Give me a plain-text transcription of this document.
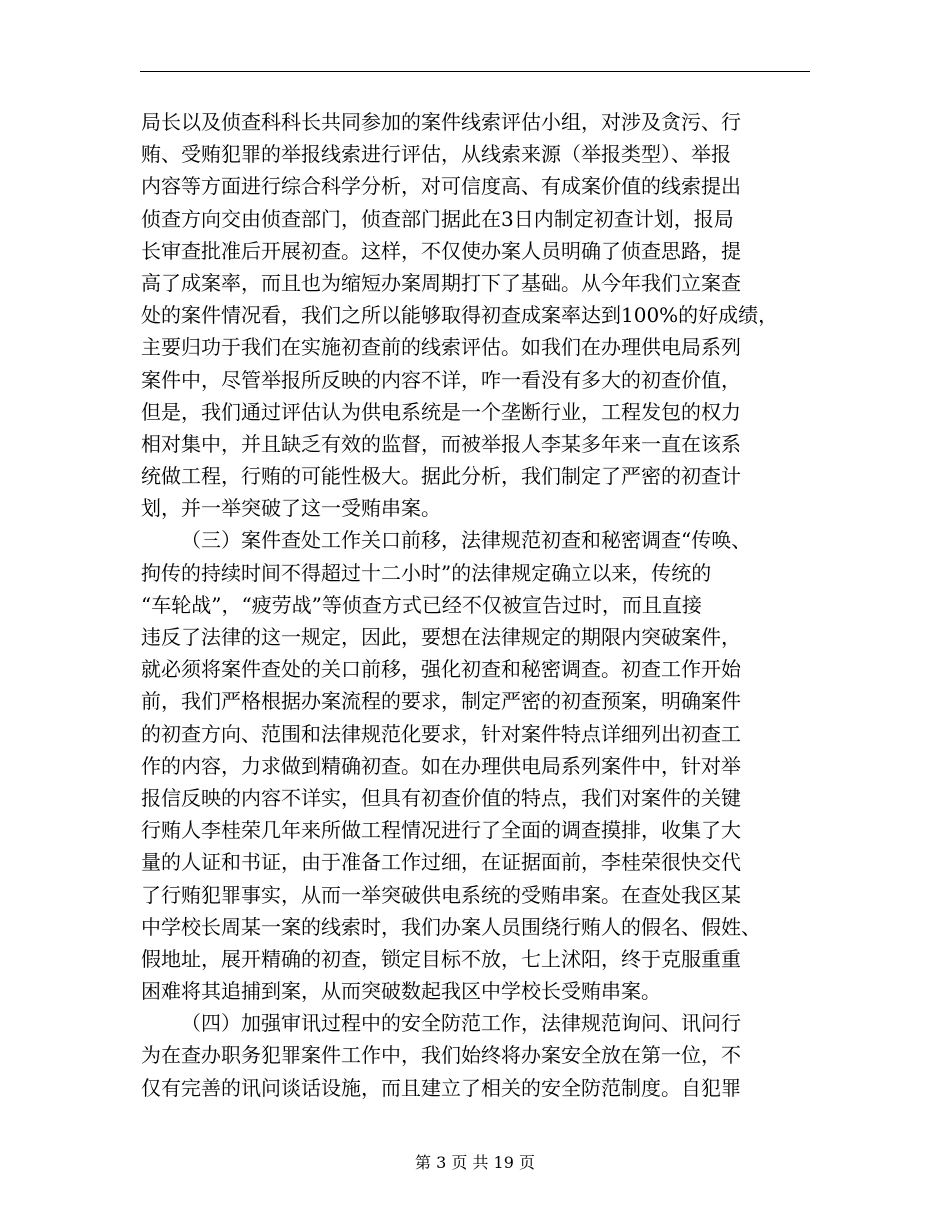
局长以及侦查科科长共同参加的案件线索评估小组，对涉及贪污、行
贿、受贿犯罪的举报线索进行评估，从线索来源（举报类型）、举报
内容等方面进行综合科学分析，对可信度高、有成案价值的线索提出
侦查方向交由侦查部门，侦查部门据此在3日内制定初查计划，报局
长审查批准后开展初查。这样，不仅使办案人员明确了侦查思路，提
高了成案率，而且也为缩短办案周期打下了基础。从今年我们立案查
处的案件情况看，我们之所以能够取得初查成案率达到100%的好成绩，
主要归功于我们在实施初查前的线索评估。如我们在办理供电局系列
案件中，尽管举报所反映的内容不详，咋一看没有多大的初查价值，
但是，我们通过评估认为供电系统是一个垄断行业，工程发包的权力
相对集中，并且缺乏有效的监督，而被举报人李某多年来一直在该系
统做工程，行贿的可能性极大。据此分析，我们制定了严密的初查计
划，并一举突破了这一受贿串案。
（三）案件查处工作关口前移，法律规范初查和秘密调查“传唤、
拘传的持续时间不得超过十二小时”的法律规定确立以来，传统的
“车轮战”，“疲劳战”等侦查方式已经不仅被宣告过时，而且直接
违反了法律的这一规定，因此，要想在法律规定的期限内突破案件，
就必须将案件查处的关口前移，强化初查和秘密调查。初查工作开始
前，我们严格根据办案流程的要求，制定严密的初查预案，明确案件
的初查方向、范围和法律规范化要求，针对案件特点详细列出初查工
作的内容，力求做到精确初查。如在办理供电局系列案件中，针对举
报信反映的内容不详实，但具有初查价值的特点，我们对案件的关键
行贿人李桂荣几年来所做工程情况进行了全面的调查摸排，收集了大
量的人证和书证，由于准备工作过细，在证据面前，李桂荣很快交代
了行贿犯罪事实，从而一举突破供电系统的受贿串案。在查处我区某
中学校长周某一案的线索时，我们办案人员围绕行贿人的假名、假姓、
假地址，展开精确的初查，锁定目标不放，七上沭阳，终于克服重重
困难将其追捕到案，从而突破数起我区中学校长受贿串案。
（四）加强审讯过程中的安全防范工作，法律规范询问、讯问行
为在查办职务犯罪案件工作中，我们始终将办案安全放在第一位，不
仅有完善的讯问谈话设施，而且建立了相关的安全防范制度。自犯罪
第 3 页 共 19 页
